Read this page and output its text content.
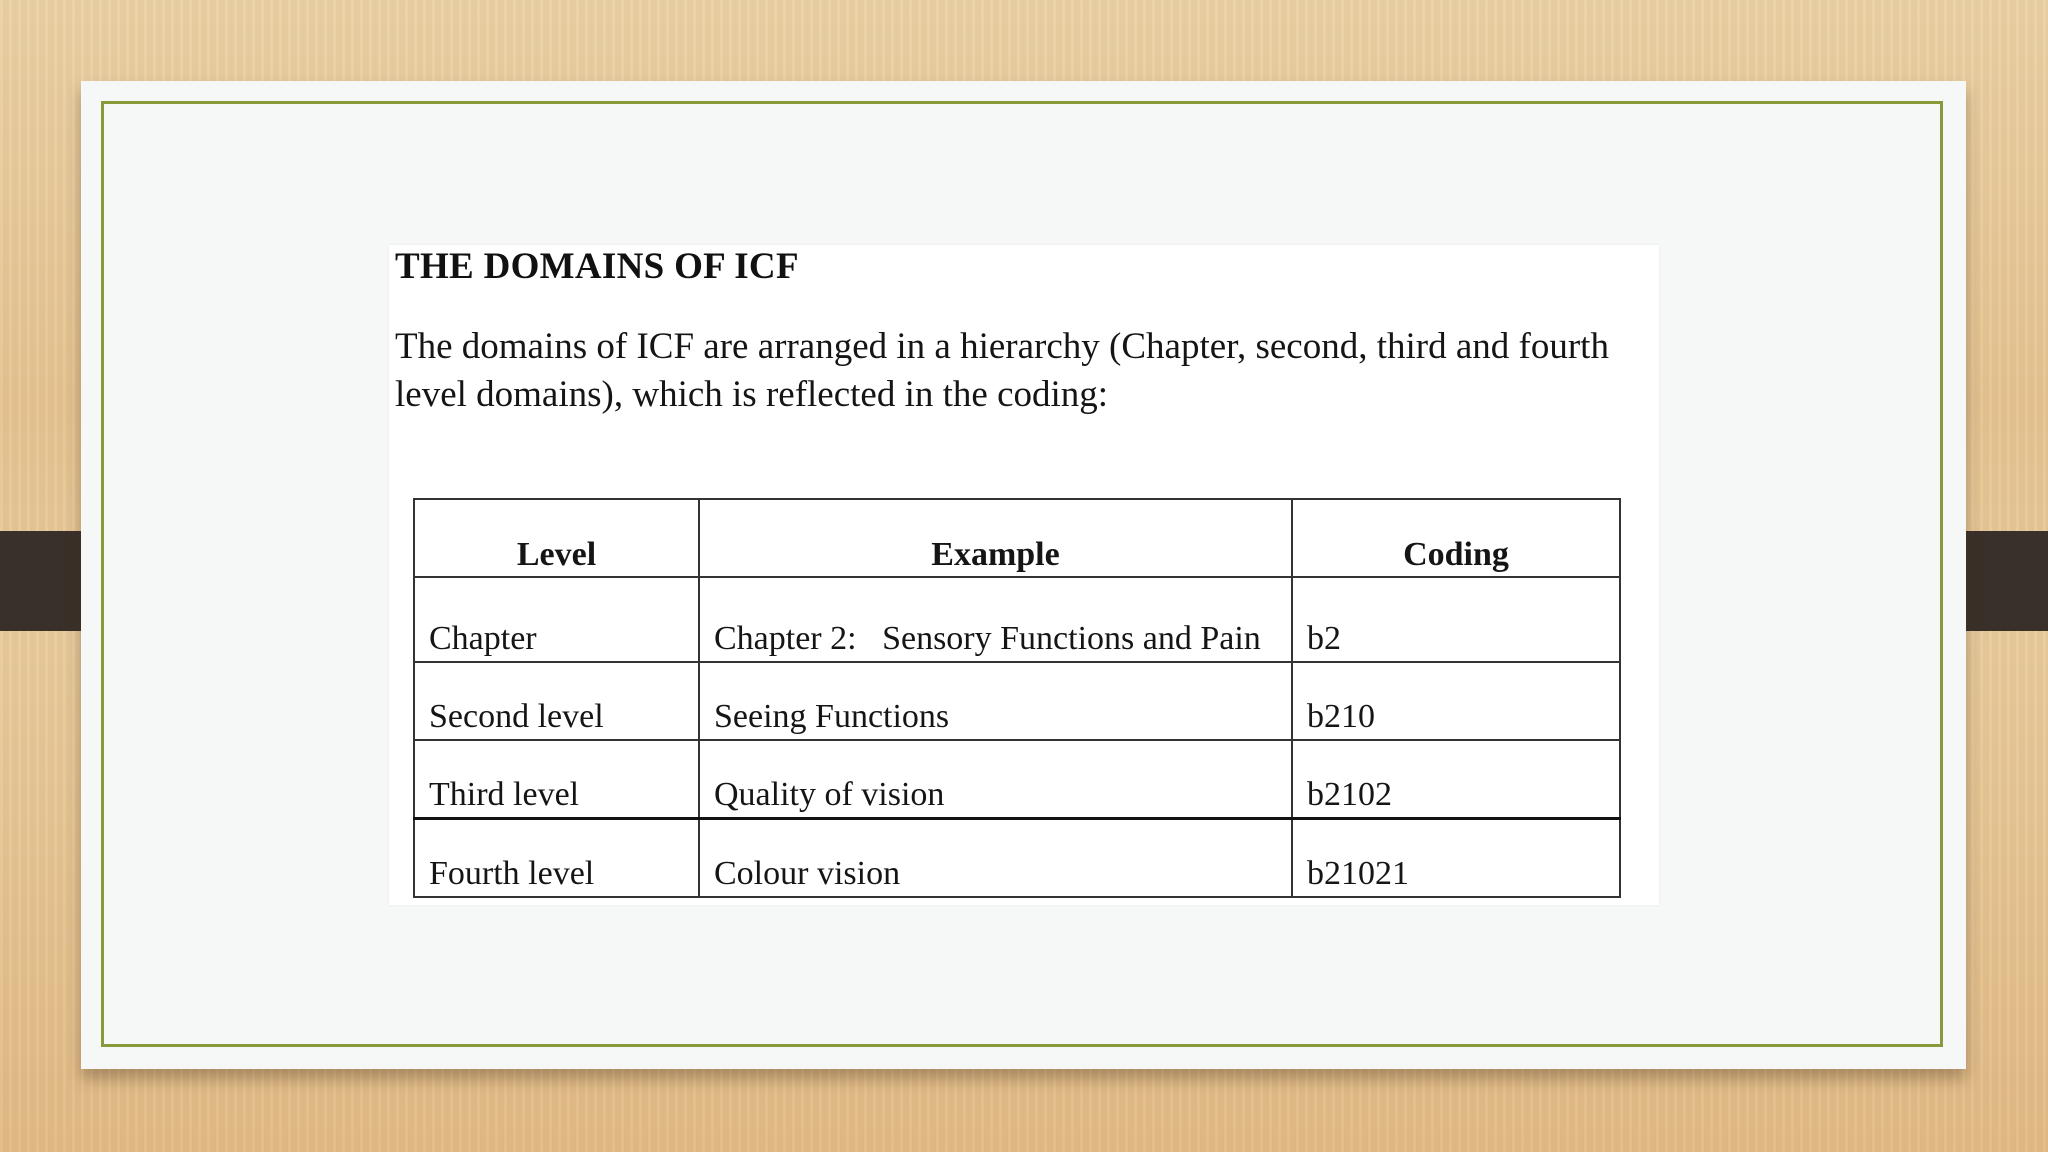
THE DOMAINS OF ICF

The domains of ICF are arranged in a hierarchy (Chapter, second, third and fourth level domains), which is reflected in the coding:

Level	Example	Coding
Chapter	Chapter 2:   Sensory Functions and Pain	b2
Second level	Seeing Functions	b210
Third level	Quality of vision	b2102
Fourth level	Colour vision	b21021
